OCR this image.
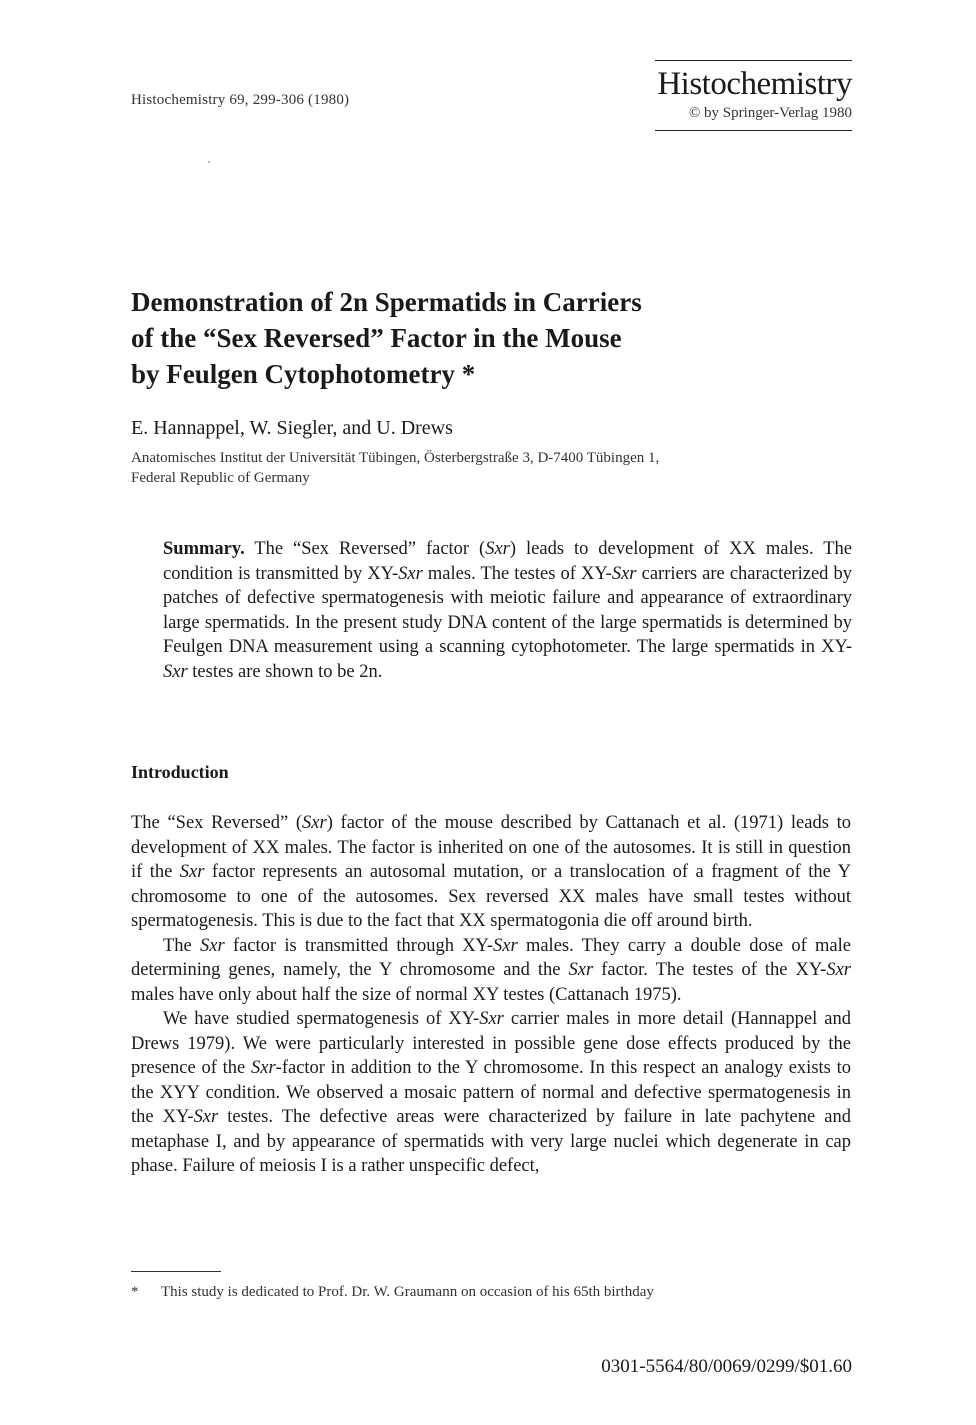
Histochemistry 69, 299-306 (1980)	Histochemistry
© by Springer-Verlag 1980
Demonstration of 2n Spermatids in Carriers
of the “Sex Reversed” Factor in the Mouse
by Feulgen Cytophotometry *
E. Hannappel, W. Siegler, and U. Drews
Anatomisches Institut der Universität Tübingen, Österbergstraße 3, D-7400 Tübingen 1,
Federal Republic of Germany
Summary. The “Sex Reversed” factor (Sxr) leads to development of XX males. The condition is transmitted by XY-Sxr males. The testes of XY-Sxr carriers are characterized by patches of defective spermatogenesis with meiotic failure and appearance of extraordinary large spermatids. In the present study DNA content of the large spermatids is determined by Feulgen DNA measurement using a scanning cytophotometer. The large spermatids in XY-Sxr testes are shown to be 2n.
Introduction

The “Sex Reversed” (Sxr) factor of the mouse described by Cattanach et al. (1971) leads to development of XX males. The factor is inherited on one of the autosomes. It is still in question if the Sxr factor represents an autosomal mutation, or a translocation of a fragment of the Y chromosome to one of the autosomes. Sex reversed XX males have small testes without spermatogenesis. This is due to the fact that XX spermatogonia die off around birth.

The Sxr factor is transmitted through XY-Sxr males. They carry a double dose of male determining genes, namely, the Y chromosome and the Sxr factor. The testes of the XY-Sxr males have only about half the size of normal XY testes (Cattanach 1975).

We have studied spermatogenesis of XY-Sxr carrier males in more detail (Hannappel and Drews 1979). We were particularly interested in possible gene dose effects produced by the presence of the Sxr-factor in addition to the Y chromosome. In this respect an analogy exists to the XYY condition. We observed a mosaic pattern of normal and defective spermatogenesis in the XY-Sxr testes. The defective areas were characterized by failure in late pachytene and metaphase I, and by appearance of spermatids with very large nuclei which degenerate in cap phase. Failure of meiosis I is a rather unspecific defect,

* This study is dedicated to Prof. Dr. W. Graumann on occasion of his 65th birthday
0301-5564/80/0069/0299/$01.60
